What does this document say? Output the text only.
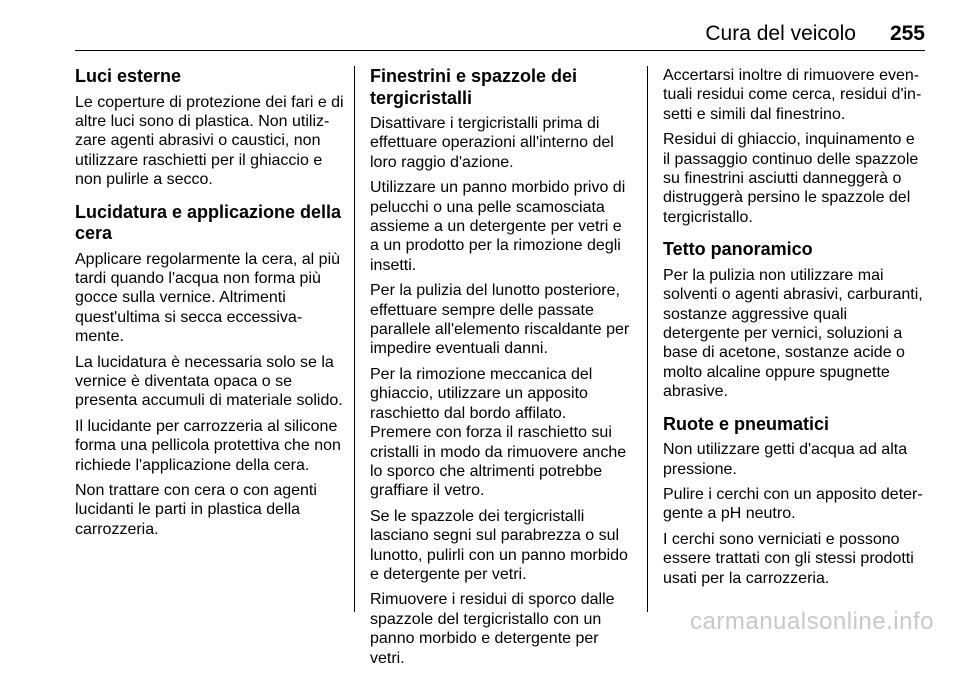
Cura del veicolo 255
Luci esterne

Le coperture di protezione dei fari e di altre luci sono di plastica. Non utilizzare agenti abrasivi o caustici, non utilizzare raschietti per il ghiaccio e non pulirle a secco.

Lucidatura e applicazione della cera

Applicare regolarmente la cera, al più tardi quando l'acqua non forma più gocce sulla vernice. Altrimenti quest'ultima si secca eccessivamente.

La lucidatura è necessaria solo se la vernice è diventata opaca o se presenta accumuli di materiale solido.

Il lucidante per carrozzeria al silicone forma una pellicola protettiva che non richiede l'applicazione della cera.

Non trattare con cera o con agenti lucidanti le parti in plastica della carrozzeria.

Finestrini e spazzole dei tergicristalli

Disattivare i tergicristalli prima di effettuare operazioni all'interno del loro raggio d'azione.

Utilizzare un panno morbido privo di pelucchi o una pelle scamosciata assieme a un detergente per vetri e a un prodotto per la rimozione degli insetti.

Per la pulizia del lunotto posteriore, effettuare sempre delle passate parallele all'elemento riscaldante per impedire eventuali danni.

Per la rimozione meccanica del ghiaccio, utilizzare un apposito raschietto dal bordo affilato. Premere con forza il raschietto sui cristalli in modo da rimuovere anche lo sporco che altrimenti potrebbe graffiare il vetro.

Se le spazzole dei tergicristalli lasciano segni sul parabrezza o sul lunotto, pulirli con un panno morbido e detergente per vetri.

Rimuovere i residui di sporco dalle spazzole del tergicristallo con un panno morbido e detergente per vetri.

Accertarsi inoltre di rimuovere eventuali residui come cerca, residui d'insetti e simili dal finestrino.

Residui di ghiaccio, inquinamento e il passaggio continuo delle spazzole su finestrini asciutti danneggerà o distruggerà persino le spazzole del tergicristallo.

Tetto panoramico

Per la pulizia non utilizzare mai solventi o agenti abrasivi, carburanti, sostanze aggressive quali detergente per vernici, soluzioni a base di acetone, sostanze acide o molto alcaline oppure spugnette abrasive.

Ruote e pneumatici

Non utilizzare getti d'acqua ad alta pressione.

Pulire i cerchi con un apposito detergente a pH neutro.

I cerchi sono verniciati e possono essere trattati con gli stessi prodotti usati per la carrozzeria.

carmanualsonline.info
